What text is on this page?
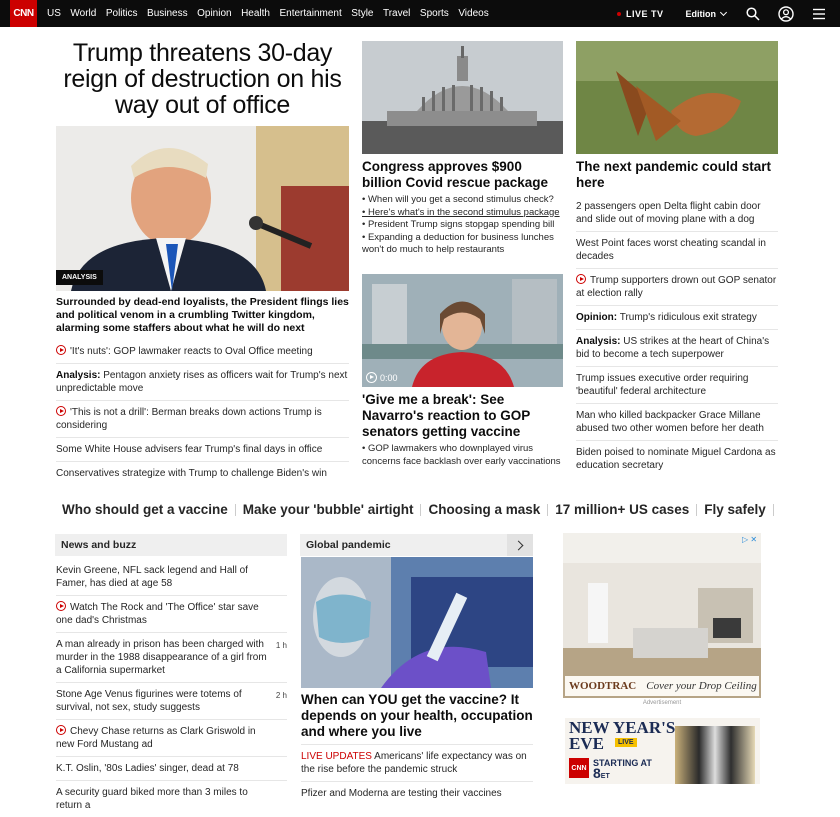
CNN	US World Politics Business Opinion Health Entertainment Style Travel Sports Videos	LIVE TV Edition
Trump threatens 30-day reign of destruction on his way out of office
ANALYSIS
Surrounded by dead-end loyalists, the President flings lies and political venom in a crumbling Twitter kingdom, alarming some staffers about what he will do next
'It's nuts': GOP lawmaker reacts to Oval Office meeting
Analysis: Pentagon anxiety rises as officers wait for Trump's next unpredictable move
'This is not a drill': Berman breaks down actions Trump is considering
Some White House advisers fear Trump's final days in office
Conservatives strategize with Trump to challenge Biden's win
Congress approves $900 billion Covid rescue package
• When will you get a second stimulus check?
• Here's what's in the second stimulus package
• President Trump signs stopgap spending bill
• Expanding a deduction for business lunches won't do much to help restaurants
0:00
'Give me a break': See Navarro's reaction to GOP senators getting vaccine
• GOP lawmakers who downplayed virus concerns face backlash over early vaccinations
The next pandemic could start here
2 passengers open Delta flight cabin door and slide out of moving plane with a dog
West Point faces worst cheating scandal in decades
Trump supporters drown out GOP senator at election rally
Opinion: Trump's ridiculous exit strategy
Analysis: US strikes at the heart of China's bid to become a tech superpower
Trump issues executive order requiring 'beautiful' federal architecture
Man who killed backpacker Grace Millane abused two other women before her death
Biden poised to nominate Miguel Cardona as education secretary
Who should get a vaccine Make your 'bubble' airtight Choosing a mask 17 million+ US cases Fly safely
News and buzz
Kevin Greene, NFL sack legend and Hall of Famer, has died at age 58
Watch The Rock and 'The Office' star save one dad's Christmas
A man already in prison has been charged with murder in the 1988 disappearance of a girl from a California supermarket
1 h
Stone Age Venus figurines were totems of survival, not sex, study suggests
2 h
Chevy Chase returns as Clark Griswold in new Ford Mustang ad
K.T. Oslin, '80s Ladies' singer, dead at 78
A security guard biked more than 3 miles to return a
Global pandemic
When can YOU get the vaccine? It depends on your health, occupation and where you live
LIVE UPDATES Americans' life expectancy was on the rise before the pandemic struck
Pfizer and Moderna are testing their vaccines
▷ ✕
WOODTRAC Cover your Drop Ceiling
Advertisement
NEW YEAR'S
EVE	LIVE
CNN STARTING AT
8ET
